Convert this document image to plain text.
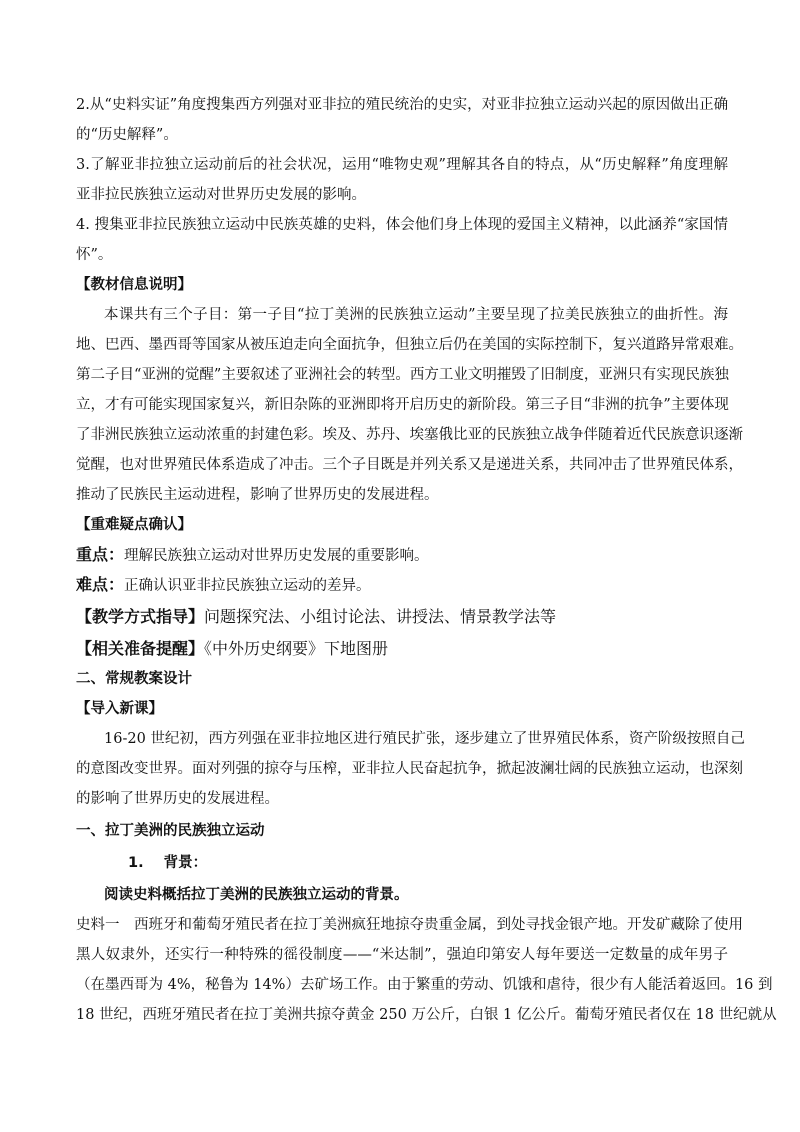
2.从“史料实证”角度搜集西方列强对亚非拉的殖民统治的史实，对亚非拉独立运动兴起的原因做出正确
的“历史解释”。
3.了解亚非拉独立运动前后的社会状况，运用“唯物史观”理解其各自的特点，从“历史解释”角度理解
亚非拉民族独立运动对世界历史发展的影响。
4. 搜集亚非拉民族独立运动中民族英雄的史料，体会他们身上体现的爱国主义精神，以此涵养“家国情
怀”。
【教材信息说明】
本课共有三个子目：第一子目“拉丁美洲的民族独立运动”主要呈现了拉美民族独立的曲折性。海
地、巴西、墨西哥等国家从被压迫走向全面抗争，但独立后仍在美国的实际控制下，复兴道路异常艰难。
第二子目“亚洲的觉醒”主要叙述了亚洲社会的转型。西方工业文明摧毁了旧制度，亚洲只有实现民族独
立，才有可能实现国家复兴，新旧杂陈的亚洲即将开启历史的新阶段。第三子目“非洲的抗争”主要体现
了非洲民族独立运动浓重的封建色彩。埃及、苏丹、埃塞俄比亚的民族独立战争伴随着近代民族意识逐渐
觉醒，也对世界殖民体系造成了冲击。三个子目既是并列关系又是递进关系，共同冲击了世界殖民体系，
推动了民族民主运动进程，影响了世界历史的发展进程。
【重难疑点确认】
重点：理解民族独立运动对世界历史发展的重要影响。
难点：正确认识亚非拉民族独立运动的差异。
【教学方式指导】问题探究法、小组讨论法、讲授法、情景教学法等
【相关准备提醒】《中外历史纲要》下地图册
二、常规教案设计
【导入新课】
16-20 世纪初，西方列强在亚非拉地区进行殖民扩张，逐步建立了世界殖民体系，资产阶级按照自己
的意图改变世界。面对列强的掠夺与压榨，亚非拉人民奋起抗争，掀起波澜壮阔的民族独立运动，也深刻
的影响了世界历史的发展进程。
一、拉丁美洲的民族独立运动
1. 背景：
阅读史料概括拉丁美洲的民族独立运动的背景。
史料一　西班牙和葡萄牙殖民者在拉丁美洲疯狂地掠夺贵重金属，到处寻找金银产地。开发矿藏除了使用
黑人奴隶外，还实行一种特殊的徭役制度——“米达制”，强迫印第安人每年要送一定数量的成年男子
（在墨西哥为 4%，秘鲁为 14%）去矿场工作。由于繁重的劳动、饥饿和虐待，很少有人能活着返回。16 到
18 世纪，西班牙殖民者在拉丁美洲共掠夺黄金 250 万公斤，白银 1 亿公斤。葡萄牙殖民者仅在 18 世纪就从
